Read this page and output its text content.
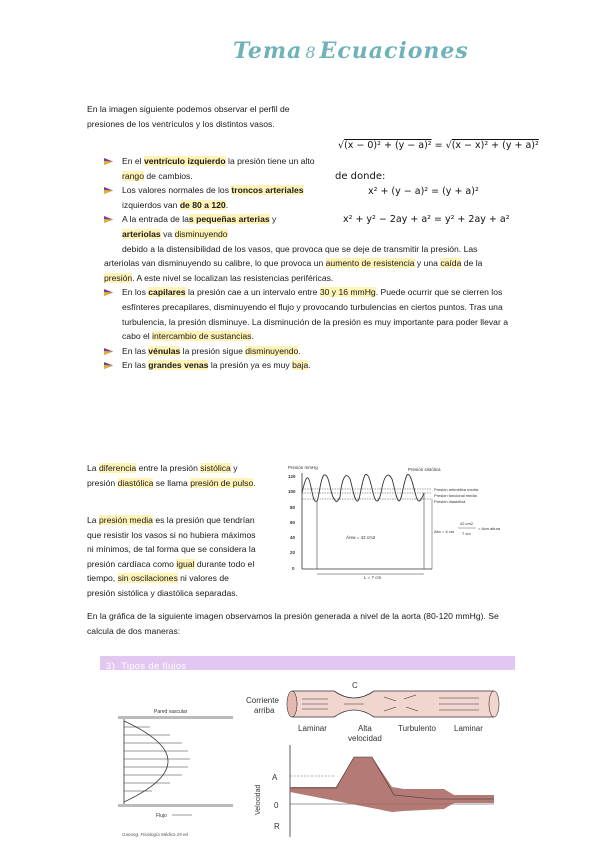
Tema 8 Ecuaciones
En la imagen siguiente podemos observar el perfil de presiones de los ventrículos y los distintos vasos.
√(x − 0)² + (y − a)² = √(x − x)² + (y + a)²
de donde:
x² + (y − a)² = (y + a)²
x² + y² − 2ay + a² = y² + 2ay + a²
En el ventrículo izquierdo la presión tiene un alto rango de cambios.
Los valores normales de los troncos arteriales izquierdos van de 80 a 120.
A la entrada de las pequeñas arterias y arteriolas va disminuyendo
debido a la distensibilidad de los vasos, que provoca que se deje de transmitir la presión. Las arteriolas van disminuyendo su calibre, lo que provoca un aumento de resistencia y una caída de la presión. A este nivel se localizan las resistencias periféricas.
En los capilares la presión cae a un intervalo entre 30 y 16 mmHg. Puede ocurrir que se cierren los esfínteres precapilares, disminuyendo el flujo y provocando turbulencias en ciertos puntos. Tras una turbulencia, la presión disminuye. La disminución de la presión es muy importante para poder llevar a cabo el intercambio de sustancias.
En las vénulas la presión sigue disminuyendo.
En las grandes venas la presión ya es muy baja.
La diferencia entre la presión sistólica y presión diastólica se llama presión de pulso.
La presión media es la presión que tendrían que resistir los vasos si no hubiera máximos ni mínimos, de tal forma que se considera la presión cardíaca como igual durante todo el tiempo, sin oscilaciones ni valores de presión sistólica y diastólica separadas.
En la gráfica de la siguiente imagen observamos la presión generada a nivel de la aorta (80-120 mmHg). Se calcula de dos maneras:
Presión mmHg
120
100
80
60
40
20
0
Presión sistólica
Presión aritmética media
Presión funcional media
Presión diastólica
Área = 42 cm2
Alto = 6 cm
42 cm2
7 cm
= 6cm altura
L = 7 cm
3) Tipos de flujos
Pared vascular
Flujo
Ganong. Fisiología Médica 25 ed
C
Corriente
arriba
Laminar	Alta
velocidad
Turbulento Laminar
Velocidad
A
0
R
